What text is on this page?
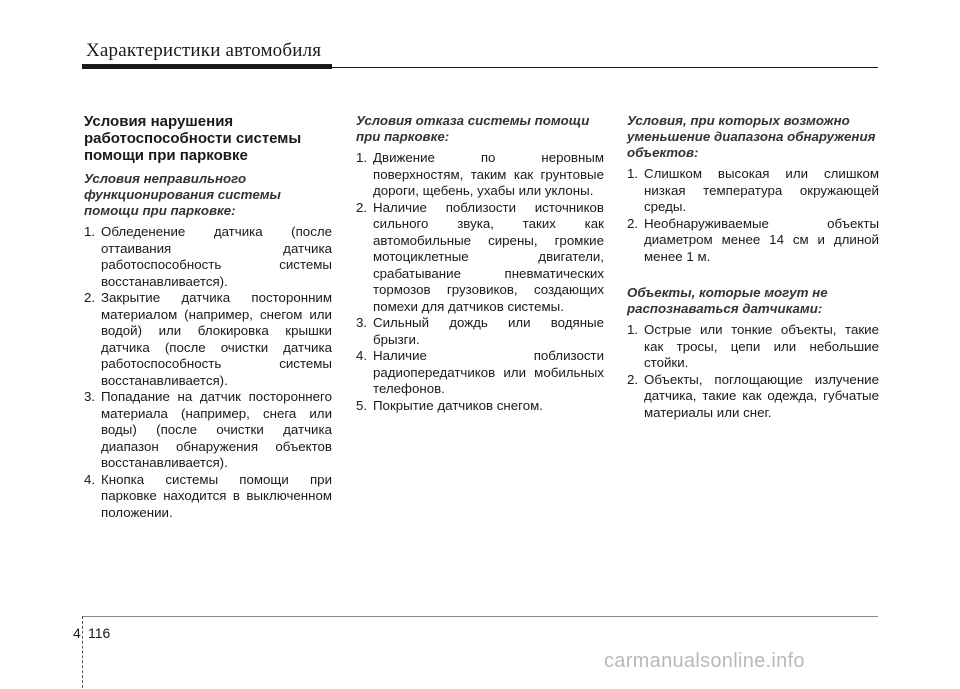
Характеристики автомобиля
Условия нарушения работоспособности системы помощи при парковке
Условия неправильного функционирования системы помощи при парковке:
1. Обледенение датчика (после оттаивания датчика работоспособность системы восстанавливается).
2. Закрытие датчика посторонним материалом (например, снегом или водой) или блокировка крышки датчика (после очистки датчика работоспособность системы восстанавливается).
3. Попадание на датчик постороннего материала (например, снега или воды) (после очистки датчика диапазон обнаружения объектов восстанавливается).
4. Кнопка системы помощи при парковке находится в выключенном положении.
Условия отказа системы помощи при парковке:
1. Движение по неровным поверхностям, таким как грунтовые дороги, щебень, ухабы или уклоны.
2. Наличие поблизости источников сильного звука, таких как автомобильные сирены, громкие мотоциклетные двигатели, срабатывание пневматических тормозов грузовиков, создающих помехи для датчиков системы.
3. Сильный дождь или водяные брызги.
4. Наличие поблизости радиопередатчиков или мобильных телефонов.
5. Покрытие датчиков снегом.
Условия, при которых возможно уменьшение диапазона обнаружения объектов:
1. Слишком высокая или слишком низкая температура окружающей среды.
2. Необнаруживаемые объекты диаметром менее 14 см и длиной менее 1 м.
Объекты, которые могут не распознаваться датчиками:
1. Острые или тонкие объекты, такие как тросы, цепи или небольшие стойки.
2. Объекты, поглощающие излучение датчика, такие как одежда, губчатые материалы или снег.
4 116
carmanualsonline.info
